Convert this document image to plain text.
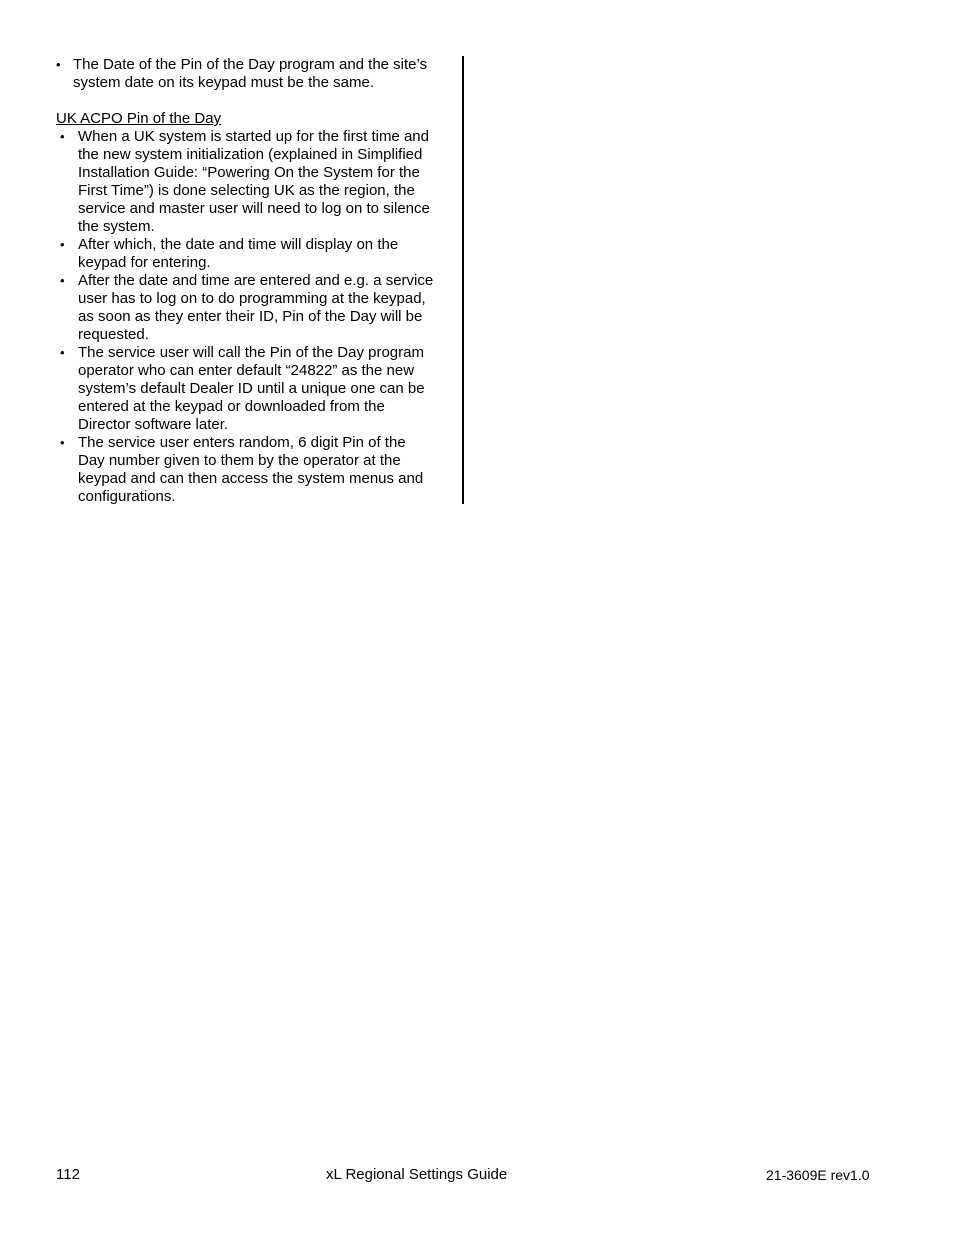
• The Date of the Pin of the Day program and the site’s system date on its keypad must be the same.
UK ACPO Pin of the Day
• When a UK system is started up for the first time and the new system initialization (explained in Simplified Installation Guide: “Powering On the System for the First Time”) is done selecting UK as the region, the service and master user will need to log on to silence the system.
• After which, the date and time will display on the keypad for entering.
• After the date and time are entered and e.g. a service user has to log on to do programming at the keypad, as soon as they enter their ID, Pin of the Day will be requested.
• The service user will call the Pin of the Day program operator who can enter default “24822” as the new system’s default Dealer ID until a unique one can be entered at the keypad or downloaded from the Director software later.
• The service user enters random, 6 digit Pin of the Day number given to them by the operator at the keypad and can then access the system menus and configurations.
112	xL Regional Settings Guide	21-3609E rev1.0
